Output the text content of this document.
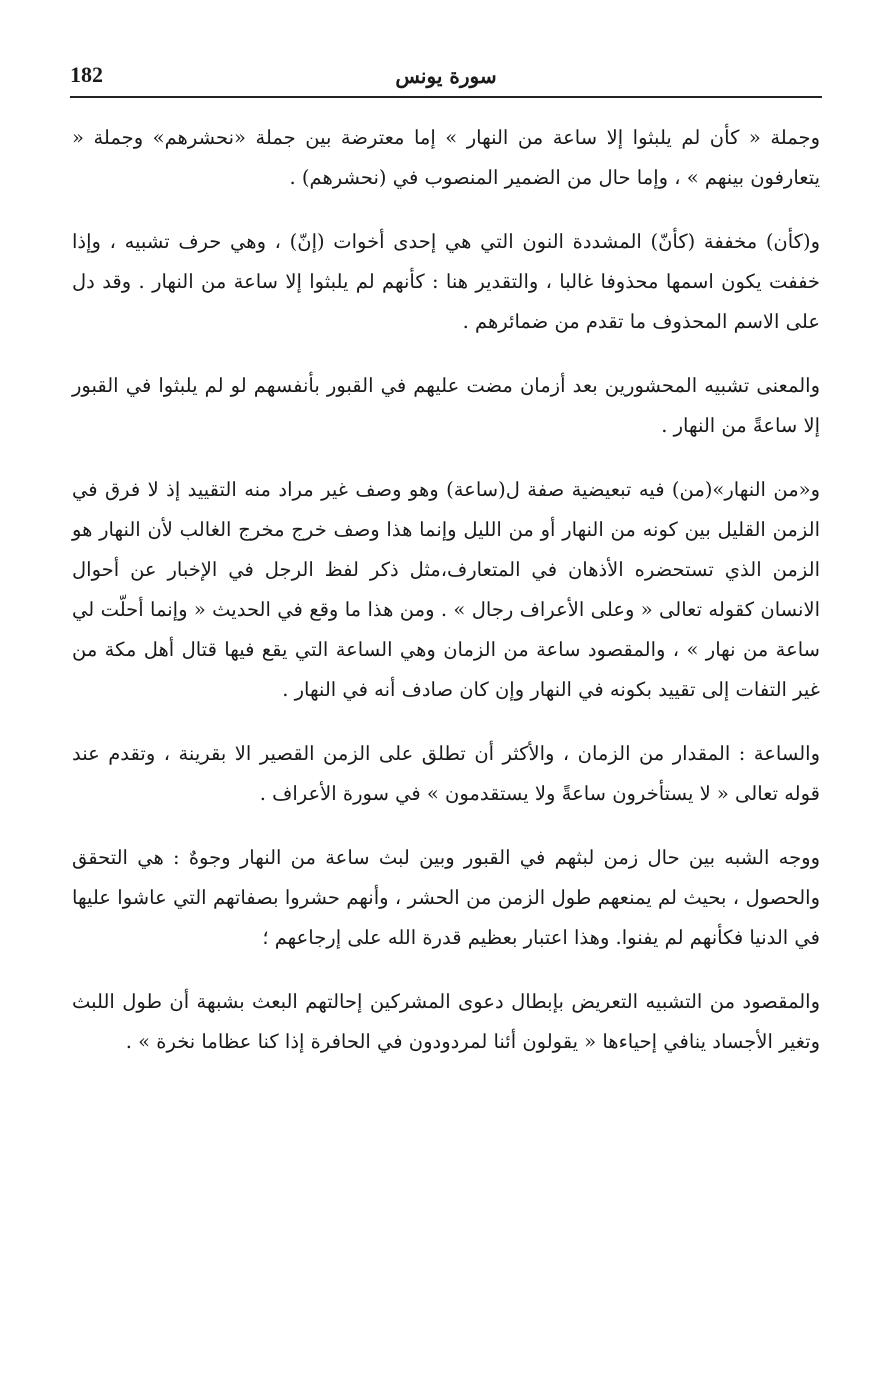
182	سورة يونس

وجملة « كأن لم يلبثوا إلا ساعة من النهار » إما معترضة بين جملة «نحشرهم» وجملة « يتعارفون بينهم » ، وإما حال من الضمير المنصوب في (نحشرهم) .

و(كأن) مخففة (كأنّ) المشددة النون التي هي إحدى أخوات (إنّ) ، وهي حرف تشبيه ، وإذا خففت يكون اسمها محذوفا غالبا ، والتقدير هنا : كأنهم لم يلبثوا إلا ساعة من النهار . وقد دل على الاسم المحذوف ما تقدم من ضمائرهم .

والمعنى تشبيه المحشورين بعد أزمان مضت عليهم في القبور بأنفسهم لو لم يلبثوا في القبور إلا ساعةً من النهار .

و«من النهار»(من) فيه تبعيضية صفة ل(ساعة) وهو وصف غير مراد منه التقييد إذ لا فرق في الزمن القليل بين كونه من النهار أو من الليل وإنما هذا وصف خرج مخرج الغالب لأن النهار هو الزمن الذي تستحضره الأذهان في المتعارف،مثل ذكر لفظ الرجل في الإخبار عن أحوال الانسان كقوله تعالى « وعلى الأعراف رجال » . ومن هذا ما وقع في الحديث « وإنما أحلّت لي ساعة من نهار » ، والمقصود ساعة من الزمان وهي الساعة التي يقع فيها قتال أهل مكة من غير التفات إلى تقييد بكونه في النهار وإن كان صادف أنه في النهار .

والساعة : المقدار من الزمان ، والأكثر أن تطلق على الزمن القصير الا بقرينة ، وتقدم عند قوله تعالى « لا يستأخرون ساعةً ولا يستقدمون » في سورة الأعراف .

ووجه الشبه بين حال زمن لبثهم في القبور وبين لبث ساعة من النهار وجوهٌ : هي التحقق والحصول ، بحيث لم يمنعهم طول الزمن من الحشر ، وأنهم حشروا بصفاتهم التي عاشوا عليها في الدنيا فكأنهم لم يفنوا. وهذا اعتبار بعظيم قدرة الله على إرجاعهم ؛

والمقصود من التشبيه التعريض بإبطال دعوى المشركين إحالتهم البعث بشبهة أن طول اللبث وتغير الأجساد ينافي إحياءها « يقولون أئنا لمردودون في الحافرة إذا كنا عظاما نخرة » .
